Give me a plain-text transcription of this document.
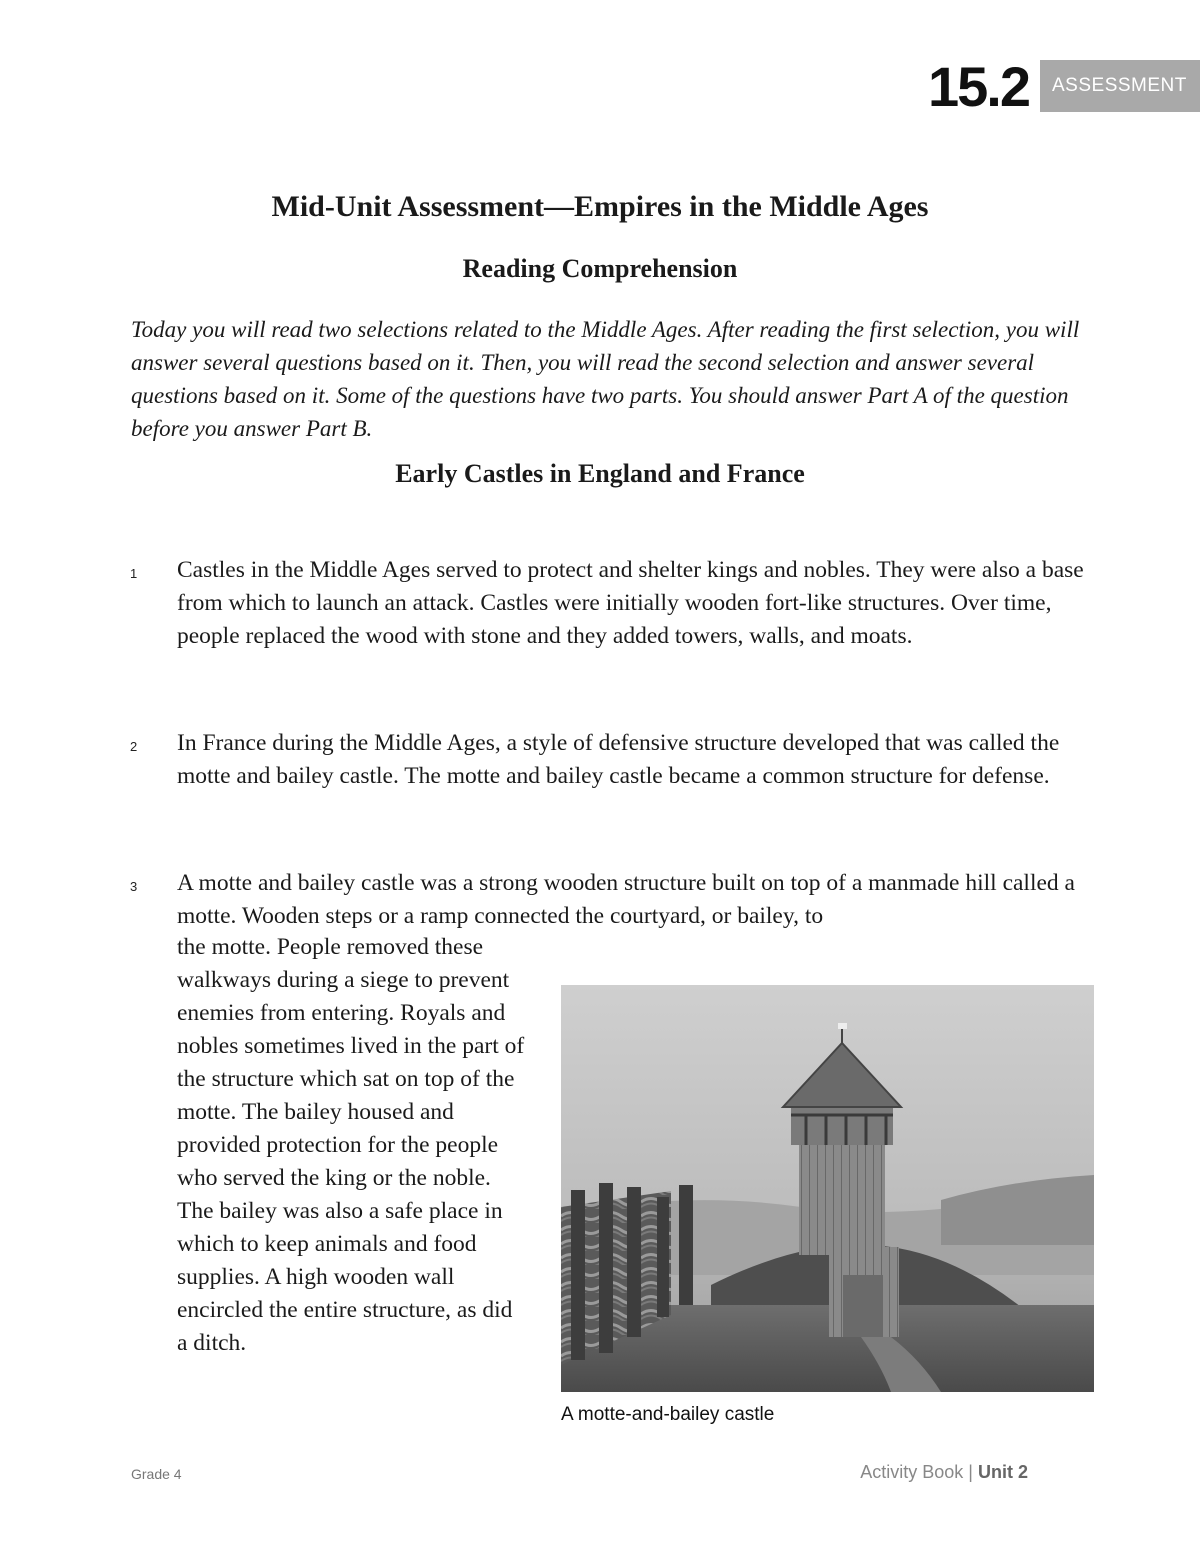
15.2	ASSESSMENT
Mid-Unit Assessment—Empires in the Middle Ages
Reading Comprehension

Today you will read two selections related to the Middle Ages. After reading the first selection, you will answer several questions based on it. Then, you will read the second selection and answer several questions based on it. Some of the questions have two parts. You should answer Part A of the question before you answer Part B.

Early Castles in England and France
1 Castles in the Middle Ages served to protect and shelter kings and nobles. They were also a base from which to launch an attack. Castles were initially wooden fort-like structures. Over time, people replaced the wood with stone and they added towers, walls, and moats.

2 In France during the Middle Ages, a style of defensive structure developed that was called the motte and bailey castle. The motte and bailey castle became a common structure for defense.

3 A motte and bailey castle was a strong wooden structure built on top of a manmade hill called a motte. Wooden steps or a ramp connected the courtyard, or bailey, to

the motte. People removed these walkways during a siege to prevent enemies from entering. Royals and nobles sometimes lived in the part of the structure which sat on top of the motte. The bailey housed and provided protection for the people who served the king or the noble. The bailey was also a safe place in which to keep animals and food supplies. A high wooden wall encircled the entire structure, as did a ditch.

A motte-and-bailey castle
Grade 4	Activity Book | Unit 2
